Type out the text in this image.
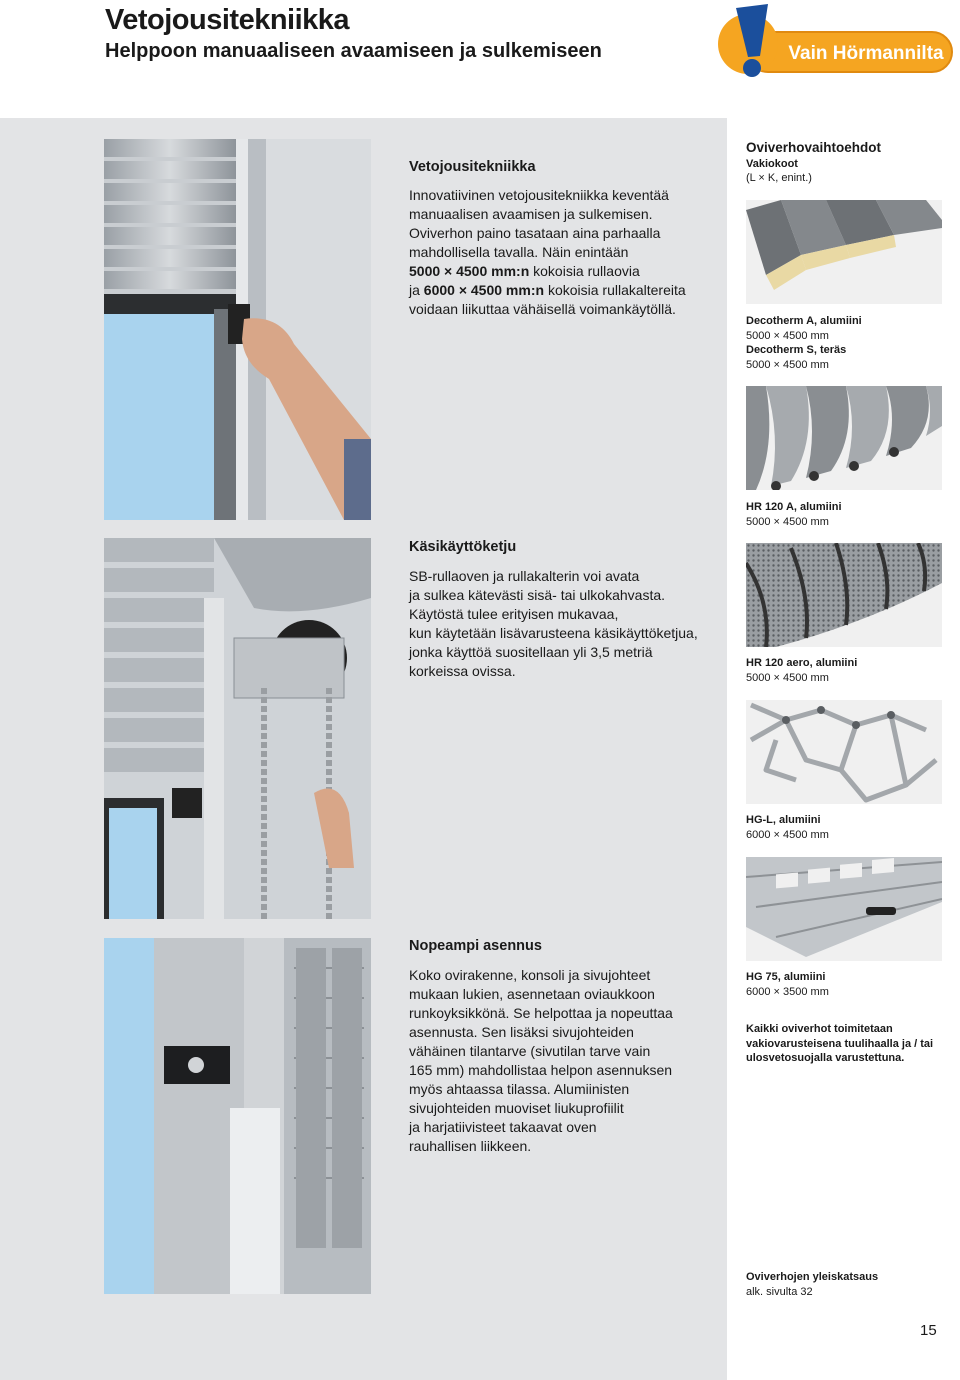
Vetojousitekniikka
Helppoon manuaaliseen avaamiseen ja sulkemiseen	Vain Hörmannilta
Vetojousitekniikka
Innovatiivinen vetojousitekniikka keventää
manuaalisen avaamisen ja sulkemisen.
Oviverhon paino tasataan aina parhaalla
mahdollisella tavalla. Näin enintään
5000 × 4500 mm:n kokoisia rullaovia
ja 6000 × 4500 mm:n kokoisia rullakaltereita
voidaan liikuttaa vähäisellä voimankäytöllä.
Käsikäyttöketju
SB-rullaoven ja rullakalterin voi avata
ja sulkea kätevästi sisä- tai ulkokahvasta.
Käytöstä tulee erityisen mukavaa,
kun käytetään lisävarusteena käsikäyttöketjua,
jonka käyttöä suositellaan yli 3,5 metriä
korkeissa ovissa.
Nopeampi asennus
Koko ovirakenne, konsoli ja sivujohteet
mukaan lukien, asennetaan oviaukkoon
runkoyksikkönä. Se helpottaa ja nopeuttaa
asennusta. Sen lisäksi sivujohteiden
vähäinen tilantarve (sivutilan tarve vain
165 mm) mahdollistaa helpon asennuksen
myös ahtaassa tilassa. Alumiinisten
sivujohteiden muoviset liukuprofiilit
ja harjatiivisteet takaavat oven
rauhallisen liikkeen.
Oviverhovaihtoehdot
Vakiokoot
(L × K, enint.)
Decotherm A, alumiini
5000 × 4500 mm
Decotherm S, teräs
5000 × 4500 mm
HR 120 A, alumiini
5000 × 4500 mm
HR 120 aero, alumiini
5000 × 4500 mm
HG-L, alumiini
6000 × 4500 mm
HG 75, alumiini
6000 × 3500 mm
Kaikki oviverhot toimitetaan vakiovarusteisena tuulihaalla ja / tai ulosvetosuojalla varustettuna.
Oviverhojen yleiskatsaus
alk. sivulta 32
15
